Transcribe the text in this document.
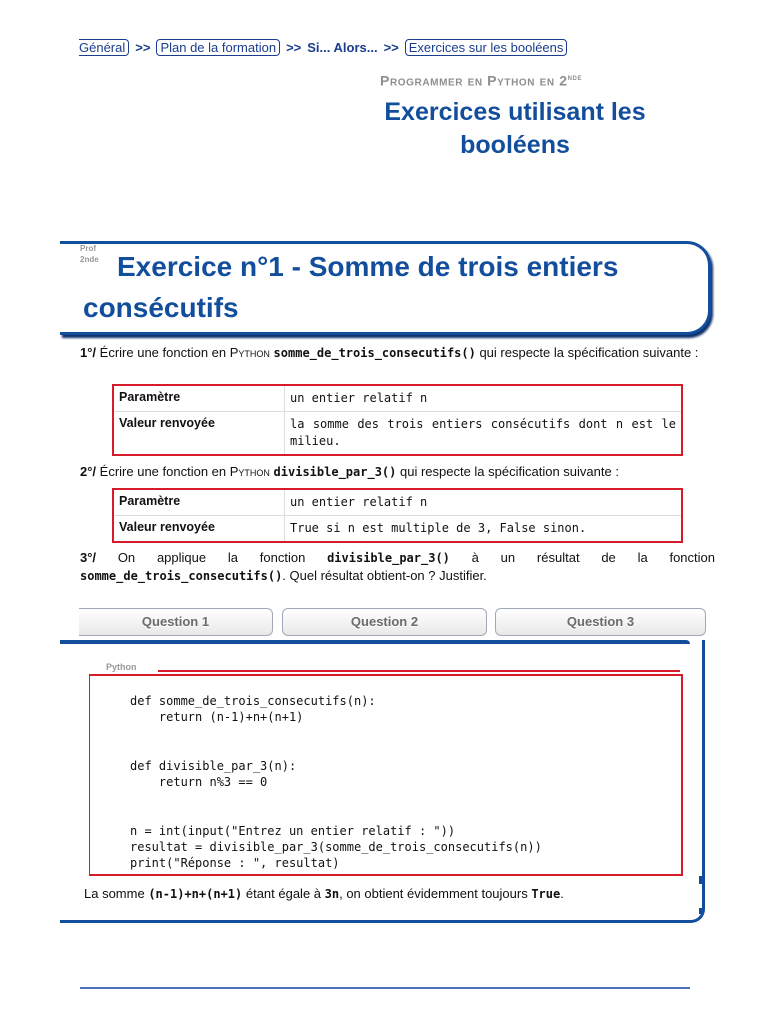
Général >> Plan de la formation >> Si... Alors... >> Exercices sur les booléens
Programmer en Python en 2nde
Exercices utilisant les booléens
Prof
2nde Exercice n°1 - Somme de trois entiers consécutifs
1°/ Écrire une fonction en Python somme_de_trois_consecutifs() qui respecte la spécification suivante :
Paramètre	un entier relatif n
Valeur renvoyée	la somme des trois entiers consécutifs dont n est le milieu.
2°/ Écrire une fonction en Python divisible_par_3() qui respecte la spécification suivante :
Paramètre	un entier relatif n
Valeur renvoyée	True si n est multiple de 3, False sinon.
3°/ On applique la fonction divisible_par_3() à un résultat de la fonction somme_de_trois_consecutifs(). Quel résultat obtient-on ? Justifier.
Question 1	Question 2	Question 3
Python
def somme_de_trois_consecutifs(n):
return (n-1)+n+(n+1)
def divisible_par_3(n):
return n%3 == 0
n = int(input("Entrez un entier relatif : "))
resultat = divisible_par_3(somme_de_trois_consecutifs(n))
print("Réponse : ", resultat)
La somme (n-1)+n+(n+1) étant égale à 3n, on obtient évidemment toujours True.
